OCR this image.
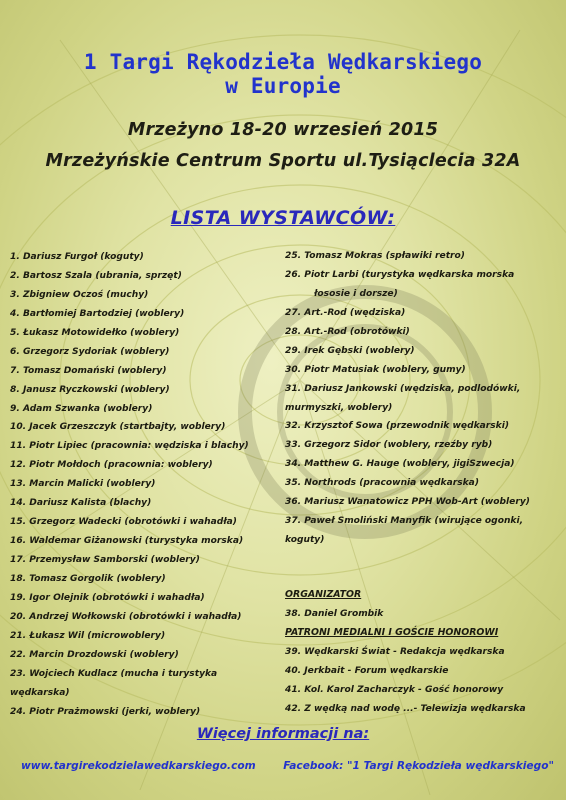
1 Targi Rękodzieła Wędkarskiego
w Europie
Mrzeżyno 18-20 wrzesień 2015
Mrzeżyńskie Centrum Sportu ul.Tysiąclecia 32A
LISTA WYSTAWCÓW:
1. Dariusz Furgoł (koguty)
2. Bartosz Szala (ubrania, sprzęt)
3. Zbigniew Oczoś (muchy)
4. Bartłomiej Bartodziej (woblery)
5. Łukasz Motowidełko (woblery)
6. Grzegorz Sydoriak (woblery)
7. Tomasz Domański (woblery)
8. Janusz Ryczkowski (woblery)
9. Adam Szwanka (woblery)
10. Jacek Grzeszczyk (startbajty, woblery)
11. Piotr Lipiec (pracownia: wędziska i blachy)
12. Piotr Mołdoch (pracownia: woblery)
13. Marcin Malicki (woblery)
14. Dariusz Kalista (blachy)
15. Grzegorz Wadecki (obrotówki i wahadła)
16. Waldemar Giżanowski (turystyka morska)
17. Przemysław Samborski (woblery)
18. Tomasz Gorgolik (woblery)
19. Igor Olejnik (obrotówki i wahadła)
20. Andrzej Wołkowski (obrotówki i wahadła)
21. Łukasz Wil (microwoblery)
22. Marcin Drozdowski (woblery)
23. Wojciech Kudlacz (mucha i turystyka
wędkarska)
24. Piotr Prażmowski (jerki, woblery)
25. Tomasz Mokras (spławiki retro)
26. Piotr Larbi (turystyka wędkarska morska
łososie i dorsze)
27. Art.-Rod (wędziska)
28. Art.-Rod (obrotówki)
29. Irek Gębski (woblery)
30. Piotr Matusiak (woblery, gumy)
31. Dariusz Jankowski (wędziska, podlodówki,
murmyszki, woblery)
32. Krzysztof Sowa (przewodnik wędkarski)
33. Grzegorz Sidor (woblery, rzeźby ryb)
34. Matthew G. Hauge (woblery, jigiSzwecja)
35. Northrods (pracownia wędkarska)
36. Mariusz Wanatowicz PPH Wob-Art (woblery)
37. Paweł Smoliński Manyfik (wirujące ogonki,
koguty)
ORGANIZATOR
38. Daniel Grombik
PATRONI MEDIALNI I GOŚCIE HONOROWI
39. Wędkarski Świat - Redakcja wędkarska
40. Jerkbait - Forum wędkarskie
41. Kol. Karol Zacharczyk - Gość honorowy
42. Z wędką nad wodę ...- Telewizja wędkarska
Więcej informacji na:
www.targirekodzielawedkarskiego.com	Facebook: "1 Targi Rękodzieła wędkarskiego"
